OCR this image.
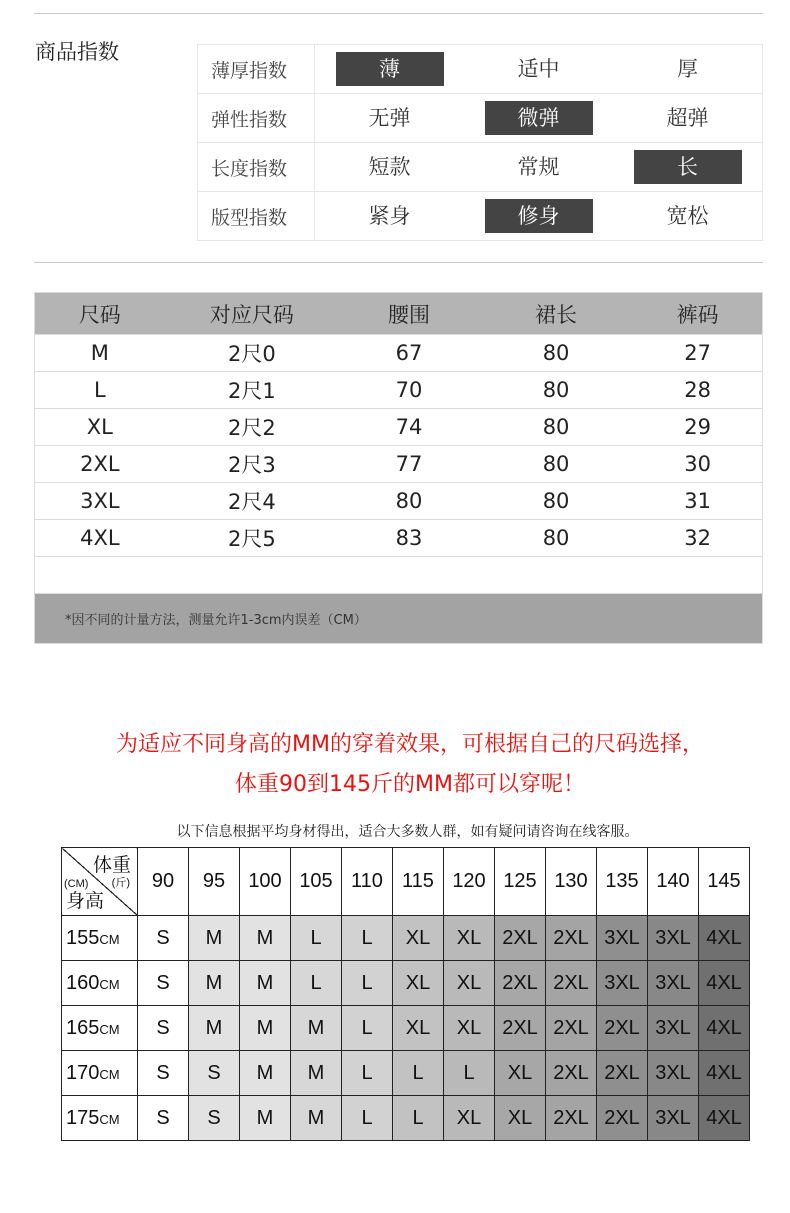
商品指数
薄厚指数	薄	适中	厚
弹性指数	无弹	微弹	超弹
长度指数	短款	常规	长
版型指数	紧身	修身	宽松
尺码	对应尺码	腰围	裙长	裤码
M	2尺0	67	80	27
L	2尺1	70	80	28
XL	2尺2	74	80	29
2XL	2尺3	77	80	30
3XL	2尺4	80	80	31
4XL	2尺5	83	80	32
*因不同的计量方法，测量允许1-3cm内误差（CM）
为适应不同身高的MM的穿着效果，可根据自己的尺码选择，
体重90到145斤的MM都可以穿呢！
以下信息根据平均身材得出，适合大多数人群，如有疑问请咨询在线客服。
体重
(斤)
(CM)
身高	90	95	100	105	110	115	120	125	130	135	140	145
155CM	S	M	M	L	L	XL	XL	2XL	2XL	3XL	3XL	4XL
160CM	S	M	M	L	L	XL	XL	2XL	2XL	3XL	3XL	4XL
165CM	S	M	M	M	L	XL	XL	2XL	2XL	2XL	3XL	4XL
170CM	S	S	M	M	L	L	L	XL	2XL	2XL	3XL	4XL
175CM	S	S	M	M	L	L	XL	XL	2XL	2XL	3XL	4XL
